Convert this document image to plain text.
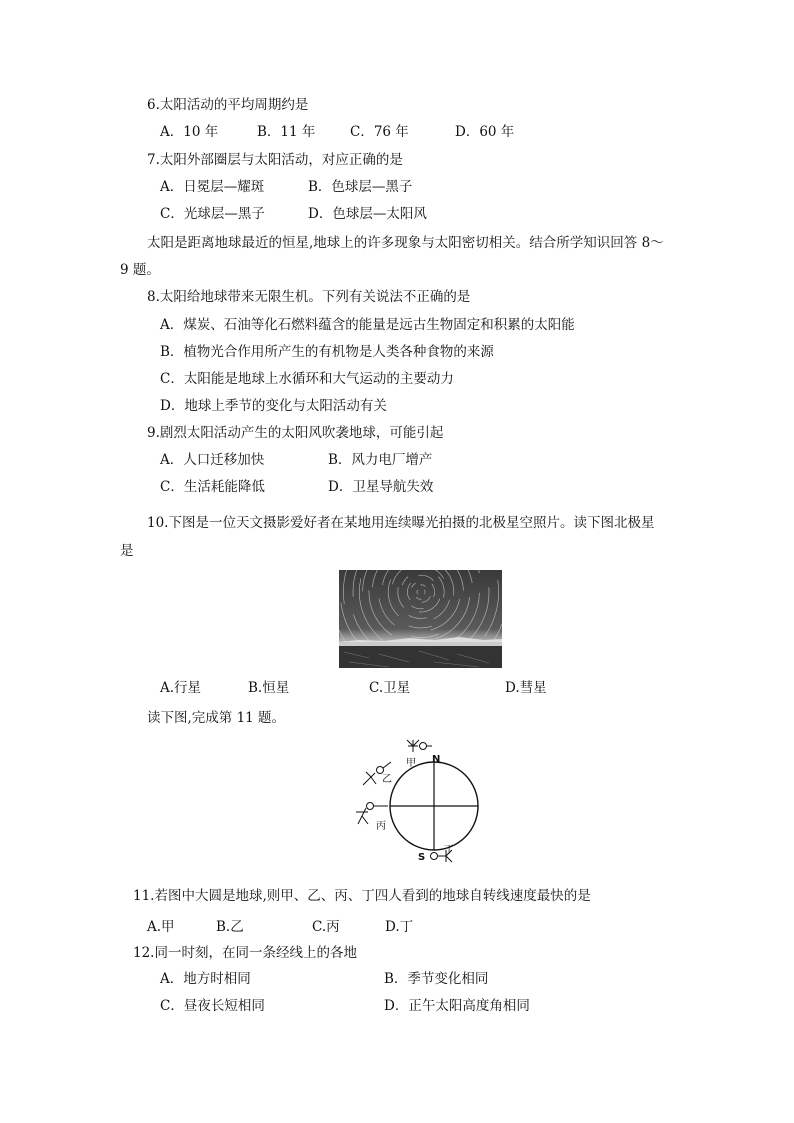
6.太阳活动的平均周期约是
A．10 年	B．11 年	C．76 年	D．60 年
7.太阳外部圈层与太阳活动，对应正确的是
A．日冕层—耀斑	B．色球层—黑子
C．光球层—黑子	D．色球层—太阳风
太阳是距离地球最近的恒星,地球上的许多现象与太阳密切相关。结合所学知识回答 8～
9 题。
8.太阳给地球带来无限生机。下列有关说法不正确的是
A．煤炭、石油等化石燃料蕴含的能量是远古生物固定和积累的太阳能
B．植物光合作用所产生的有机物是人类各种食物的来源
C．太阳能是地球上水循环和大气运动的主要动力
D．地球上季节的变化与太阳活动有关
9.剧烈太阳活动产生的太阳风吹袭地球，可能引起
A．人口迁移加快	B．风力电厂增产
C．生活耗能降低	D．卫星导航失效
10.下图是一位天文摄影爱好者在某地用连续曝光拍摄的北极星空照片。读下图北极星
是
A.行星	B.恒星	C.卫星	D.彗星
读下图,完成第 11 题。
N
S
甲
乙
丙
丁
11.若图中大圆是地球,则甲、乙、丙、丁四人看到的地球自转线速度最快的是
A.甲	B.乙	C.丙	D.丁
12.同一时刻，在同一条经线上的各地
A．地方时相同	B．季节变化相同
C．昼夜长短相同	D．正午太阳高度角相同
